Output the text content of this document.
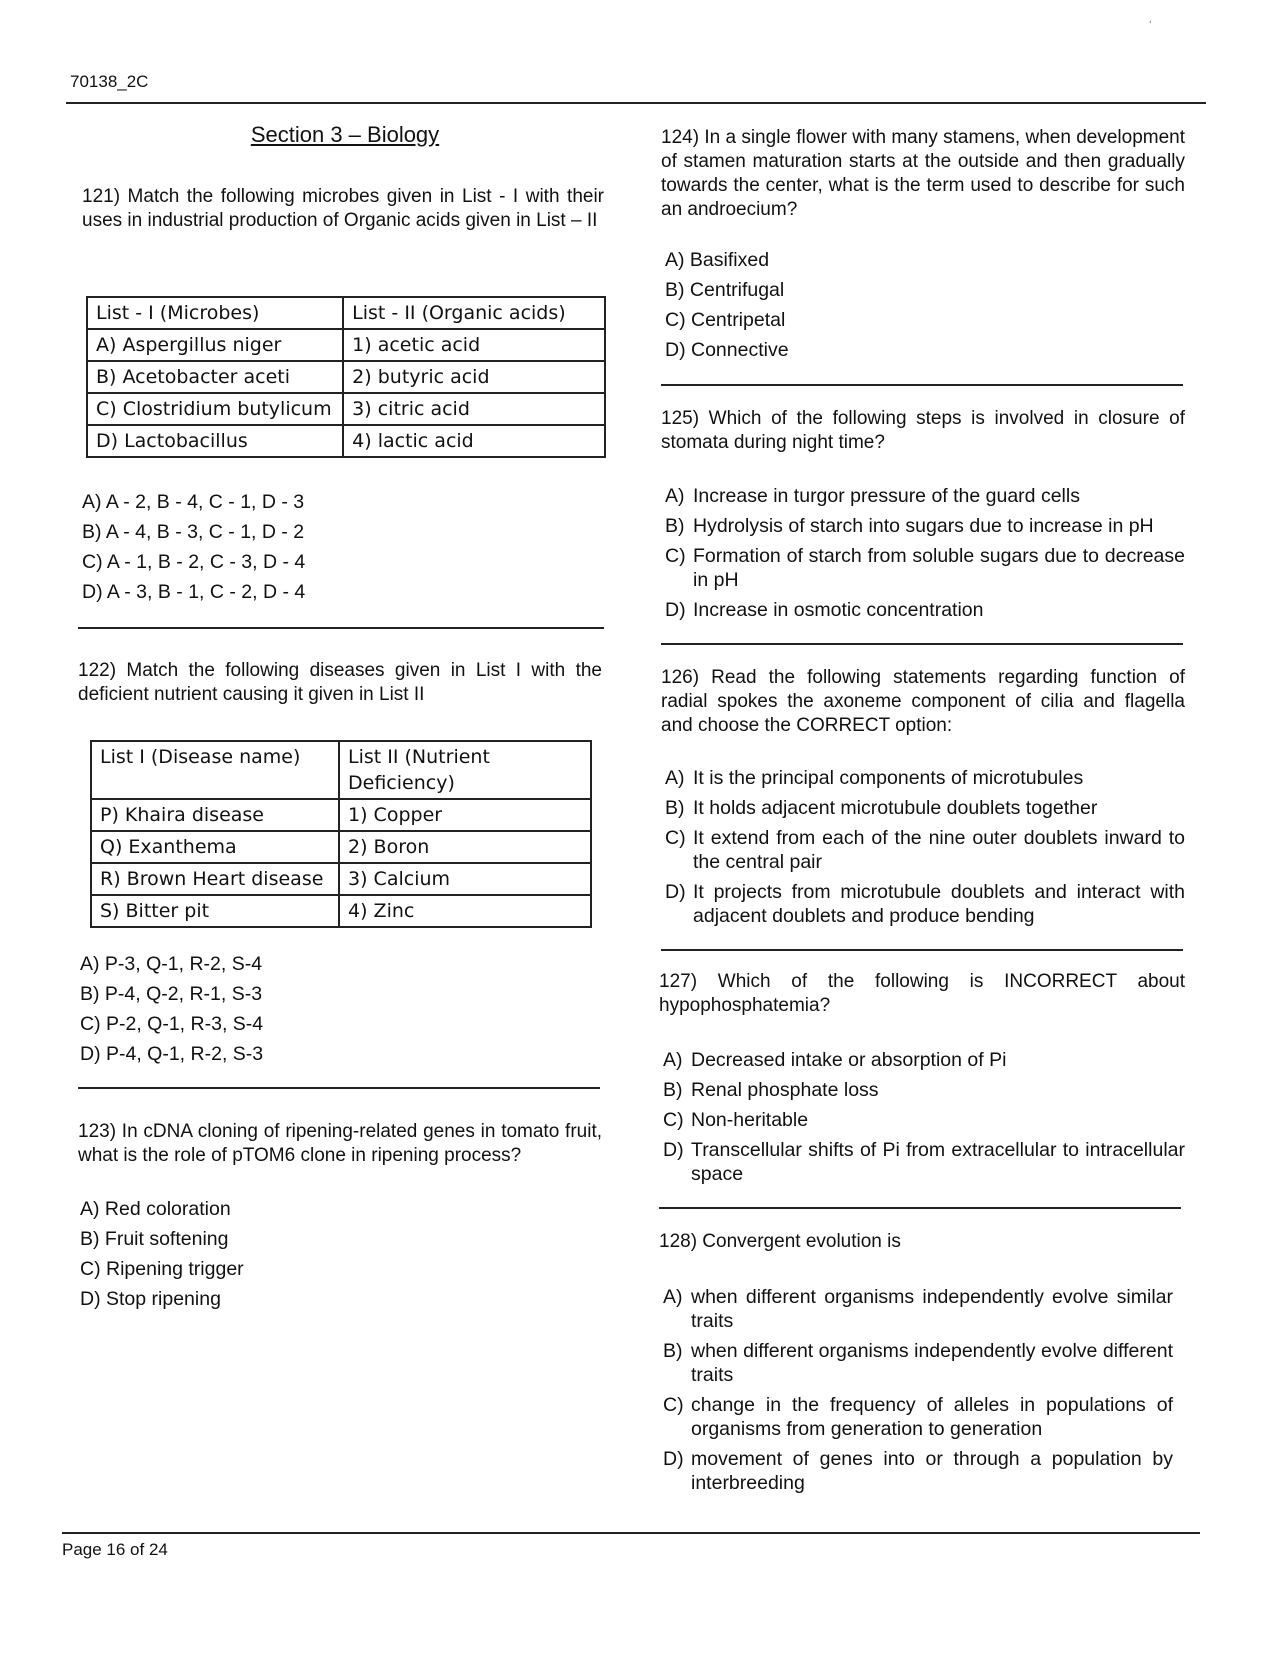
ʿ
70138_2C
Page 16 of 24
Section 3 – Biology
121) Match the following microbes given in List - I with their uses in industrial production of Organic acids given in List – II
List - I (Microbes)	List - II (Organic acids)
A) Aspergillus niger	1) acetic acid
B) Acetobacter aceti	2) butyric acid
C) Clostridium butylicum	3) citric acid
D) Lactobacillus	4) lactic acid
A) A - 2, B - 4, C - 1, D - 3
B) A - 4, B - 3, C - 1, D - 2
C) A - 1, B - 2, C - 3, D - 4
D) A - 3, B - 1, C - 2, D - 4
122) Match the following diseases given in List I with the deficient nutrient causing it given in List II
List I (Disease name)	List II (Nutrient Deficiency)
P) Khaira disease	1) Copper
Q) Exanthema	2) Boron
R) Brown Heart disease	3) Calcium
S) Bitter pit	4) Zinc
A) P-3, Q-1, R-2, S-4
B) P-4, Q-2, R-1, S-3
C) P-2, Q-1, R-3, S-4
D) P-4, Q-1, R-2, S-3
123) In cDNA cloning of ripening-related genes in tomato fruit, what is the role of pTOM6 clone in ripening process?
A) Red coloration
B) Fruit softening
C) Ripening trigger
D) Stop ripening
124) In a single flower with many stamens, when development of stamen maturation starts at the outside and then gradually towards the center, what is the term used to describe for such an androecium?
A) Basifixed
B) Centrifugal
C) Centripetal
D) Connective
125) Which of the following steps is involved in closure of stomata during night time?
A) Increase in turgor pressure of the guard cells
B) Hydrolysis of starch into sugars due to increase in pH
C) Formation of starch from soluble sugars due to decrease in pH
D) Increase in osmotic concentration
126) Read the following statements regarding function of radial spokes the axoneme component of cilia and flagella and choose the CORRECT option:
A) It is the principal components of microtubules
B) It holds adjacent microtubule doublets together
C) It extend from each of the nine outer doublets inward to the central pair
D) It projects from microtubule doublets and interact with adjacent doublets and produce bending
127) Which of the following is INCORRECT about hypophosphatemia?
A) Decreased intake or absorption of Pi
B) Renal phosphate loss
C) Non-heritable
D) Transcellular shifts of Pi from extracellular to intracellular space
128) Convergent evolution is
A) when different organisms independently evolve similar traits
B) when different organisms independently evolve different traits
C) change in the frequency of alleles in populations of organisms from generation to generation
D) movement of genes into or through a population by interbreeding
